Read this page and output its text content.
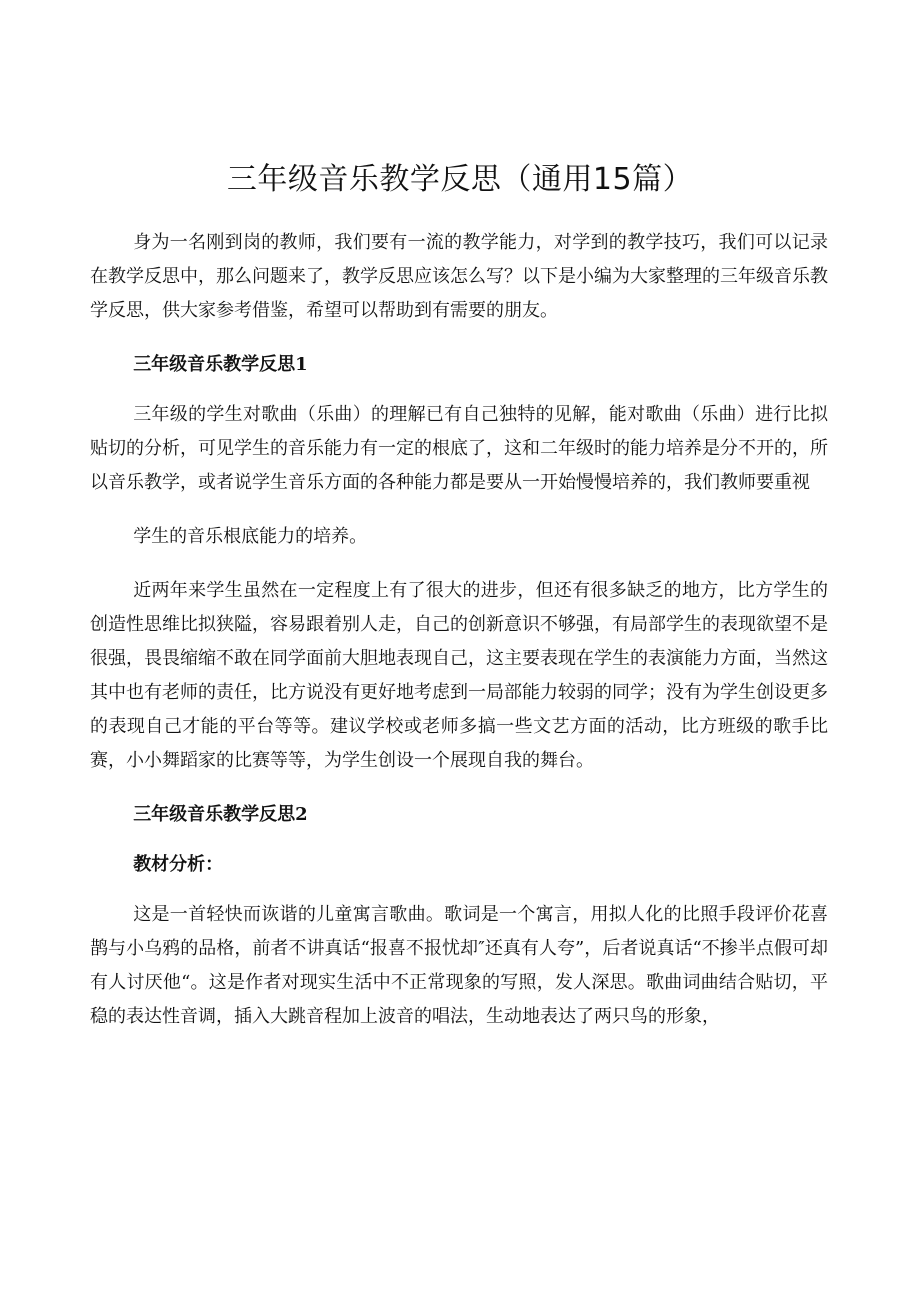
三年级音乐教学反思（通用15篇）

身为一名刚到岗的教师，我们要有一流的教学能力，对学到的教学技巧，我们可以记录在教学反思中，那么问题来了，教学反思应该怎么写？以下是小编为大家整理的三年级音乐教学反思，供大家参考借鉴，希望可以帮助到有需要的朋友。

三年级音乐教学反思1

三年级的学生对歌曲（乐曲）的理解已有自己独特的见解，能对歌曲（乐曲）进行比拟贴切的分析，可见学生的音乐能力有一定的根底了，这和二年级时的能力培养是分不开的，所以音乐教学，或者说学生音乐方面的各种能力都是要从一开始慢慢培养的，我们教师要重视

学生的音乐根底能力的培养。

近两年来学生虽然在一定程度上有了很大的进步，但还有很多缺乏的地方，比方学生的创造性思维比拟狭隘，容易跟着别人走，自己的创新意识不够强，有局部学生的表现欲望不是很强，畏畏缩缩不敢在同学面前大胆地表现自己，这主要表现在学生的表演能力方面，当然这其中也有老师的责任，比方说没有更好地考虑到一局部能力较弱的同学；没有为学生创设更多的表现自己才能的平台等等。建议学校或老师多搞一些文艺方面的活动，比方班级的歌手比赛，小小舞蹈家的比赛等等，为学生创设一个展现自我的舞台。

三年级音乐教学反思2

教材分析：

这是一首轻快而诙谐的儿童寓言歌曲。歌词是一个寓言，用拟人化的比照手段评价花喜鹊与小乌鸦的品格，前者不讲真话“报喜不报忧却″还真有人夸”，后者说真话“不掺半点假可却有人讨厌他“。这是作者对现实生活中不正常现象的写照，发人深思。歌曲词曲结合贴切，平稳的表达性音调，插入大跳音程加上波音的唱法，生动地表达了两只鸟的形象，
